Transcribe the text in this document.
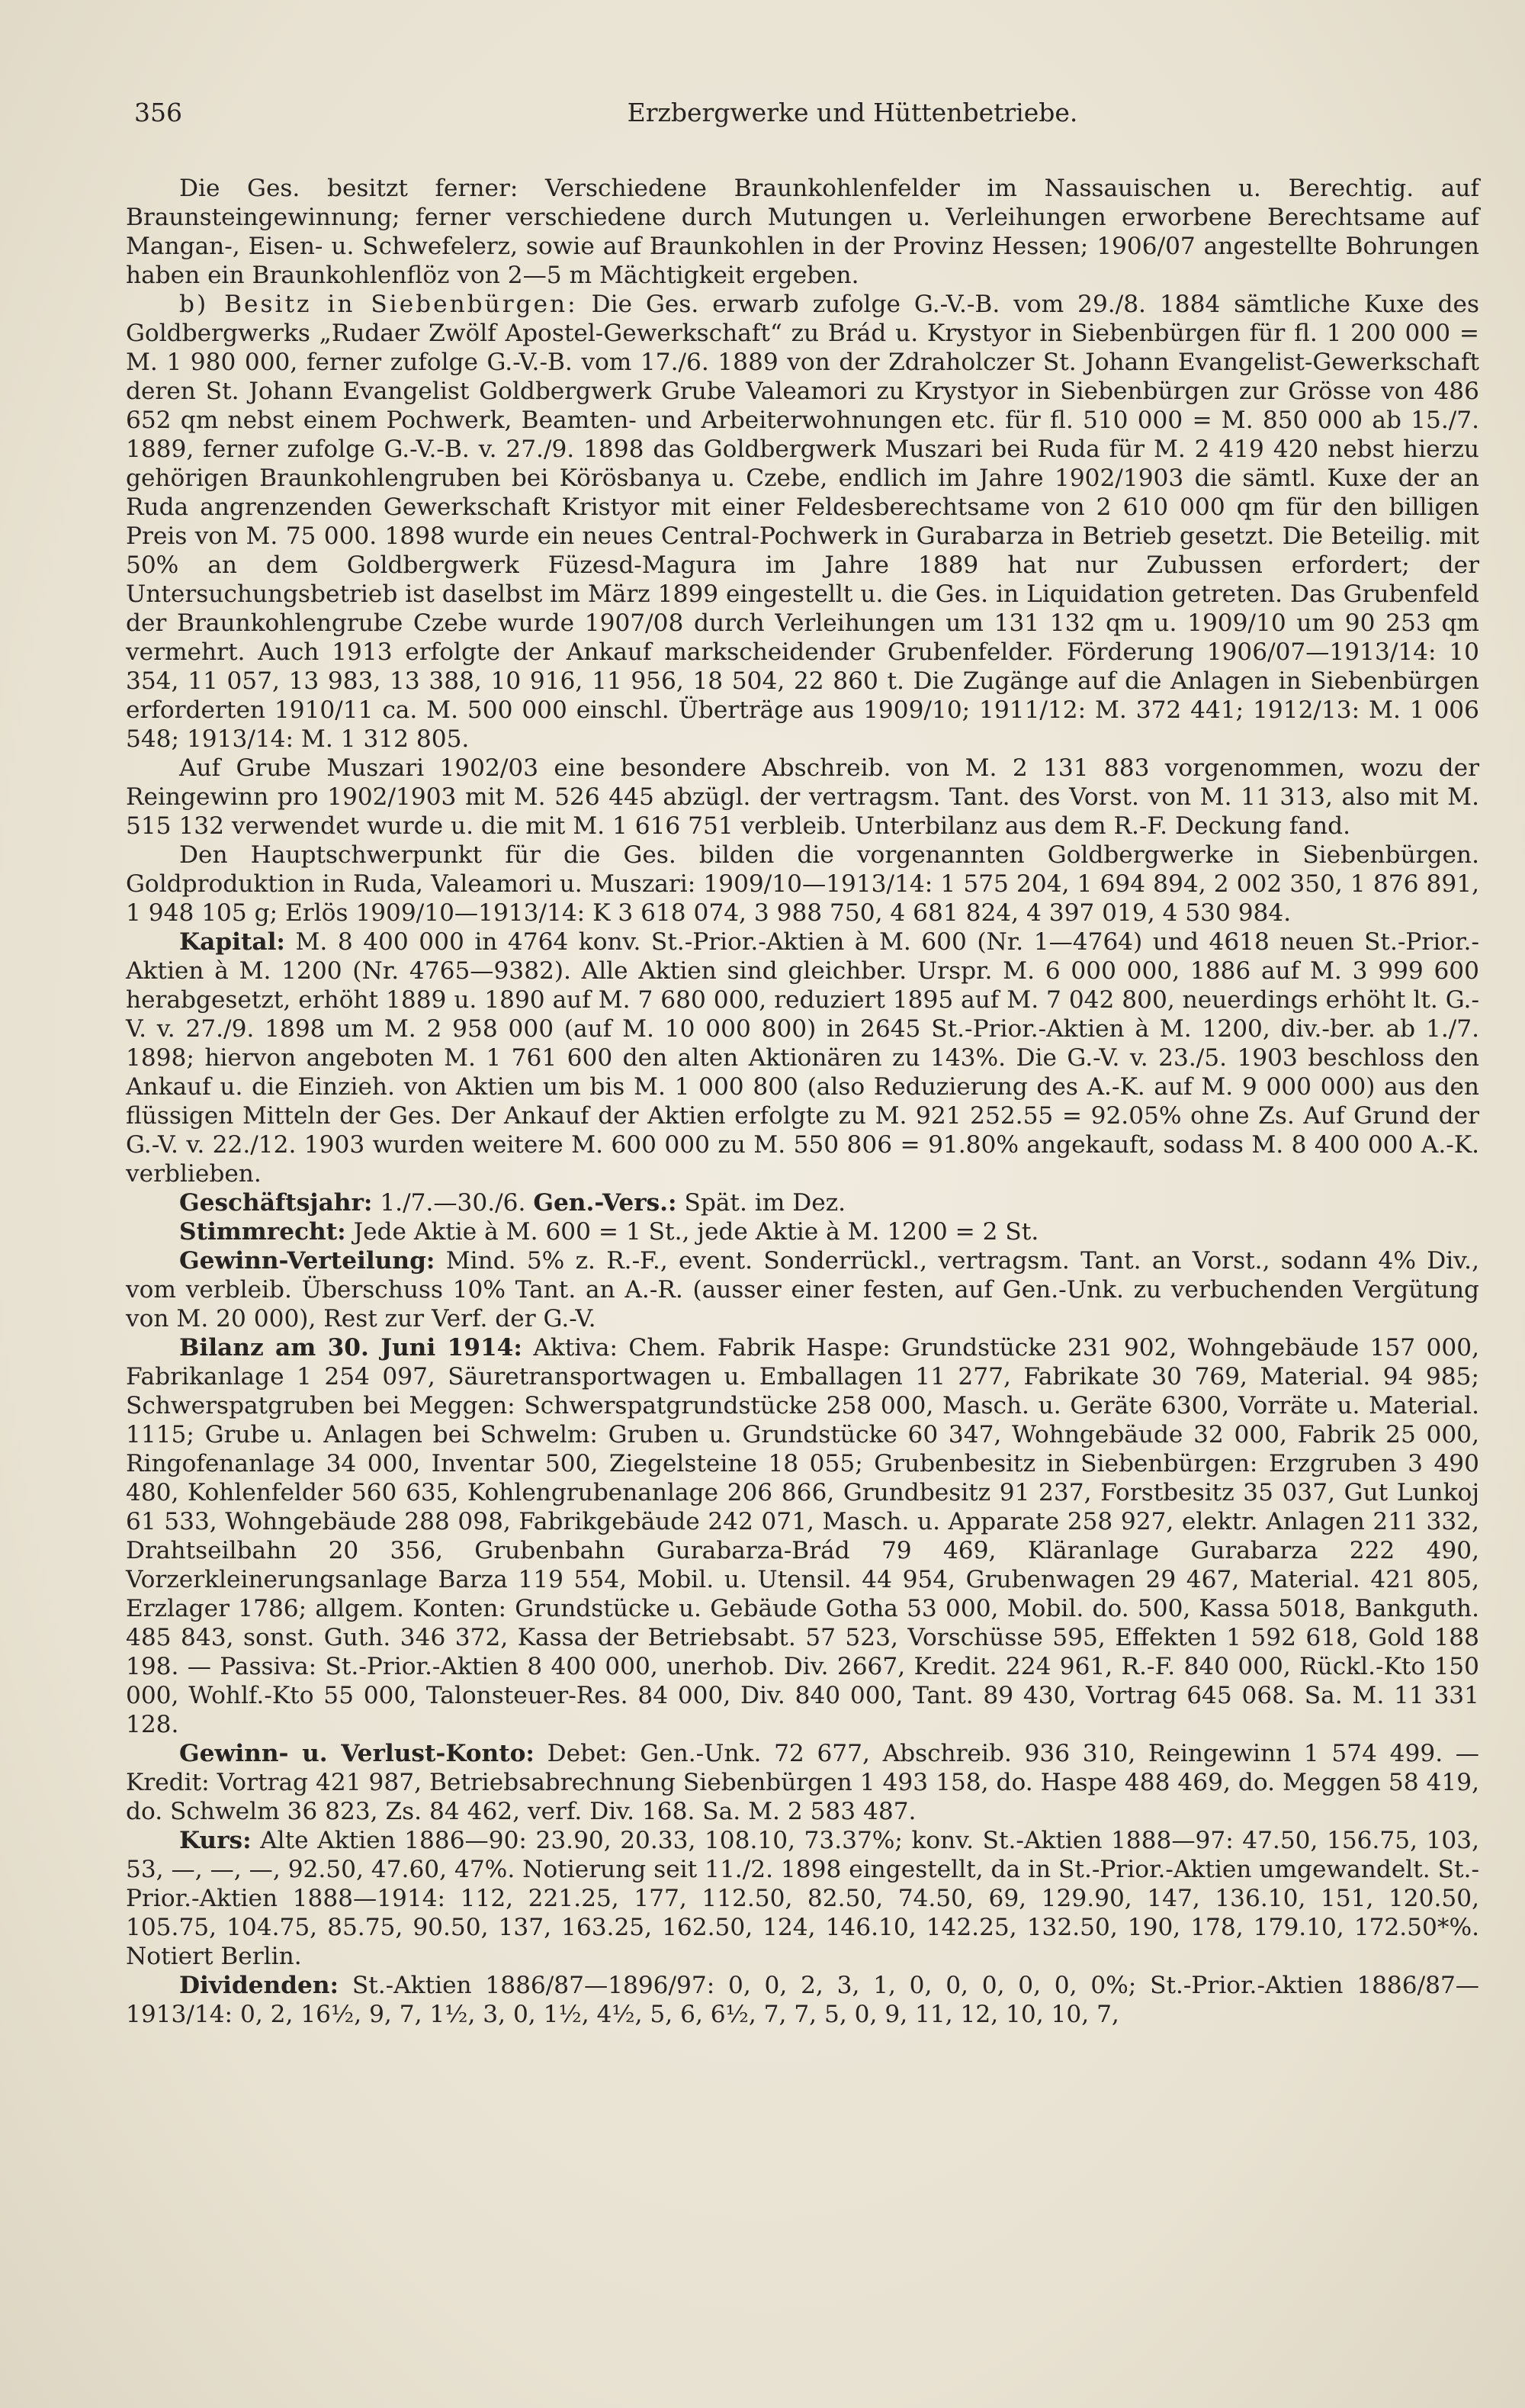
356	Erzbergwerke und Hüttenbetriebe.

Die Ges. besitzt ferner: Verschiedene Braunkohlenfelder im Nassauischen u. Berechtig. auf Braunsteingewinnung; ferner verschiedene durch Mutungen u. Verleihungen erworbene Berechtsame auf Mangan-, Eisen- u. Schwefelerz, sowie auf Braunkohlen in der Provinz Hessen; 1906/07 angestellte Bohrungen haben ein Braunkohlenflöz von 2—5 m Mächtigkeit ergeben.

b) Besitz in Siebenbürgen: Die Ges. erwarb zufolge G.-V.-B. vom 29./8. 1884 sämtliche Kuxe des Goldbergwerks „Rudaer Zwölf Apostel-Gewerkschaft“ zu Brád u. Krystyor in Siebenbürgen für fl. 1 200 000 = M. 1 980 000, ferner zufolge G.-V.-B. vom 17./6. 1889 von der Zdraholczer St. Johann Evangelist-Gewerkschaft deren St. Johann Evangelist Goldbergwerk Grube Valeamori zu Krystyor in Siebenbürgen zur Grösse von 486 652 qm nebst einem Pochwerk, Beamten- und Arbeiterwohnungen etc. für fl. 510 000 = M. 850 000 ab 15./7. 1889, ferner zufolge G.-V.-B. v. 27./9. 1898 das Goldbergwerk Muszari bei Ruda für M. 2 419 420 nebst hierzu gehörigen Braunkohlengruben bei Körösbanya u. Czebe, endlich im Jahre 1902/1903 die sämtl. Kuxe der an Ruda angrenzenden Gewerkschaft Kristyor mit einer Feldesberechtsame von 2 610 000 qm für den billigen Preis von M. 75 000. 1898 wurde ein neues Central-Pochwerk in Gurabarza in Betrieb gesetzt. Die Beteilig. mit 50% an dem Goldbergwerk Füzesd-Magura im Jahre 1889 hat nur Zubussen erfordert; der Untersuchungsbetrieb ist daselbst im März 1899 eingestellt u. die Ges. in Liquidation getreten. Das Grubenfeld der Braunkohlengrube Czebe wurde 1907/08 durch Verleihungen um 131 132 qm u. 1909/10 um 90 253 qm vermehrt. Auch 1913 erfolgte der Ankauf markscheidender Grubenfelder. Förderung 1906/07—1913/14: 10 354, 11 057, 13 983, 13 388, 10 916, 11 956, 18 504, 22 860 t. Die Zugänge auf die Anlagen in Siebenbürgen erforderten 1910/11 ca. M. 500 000 einschl. Überträge aus 1909/10; 1911/12: M. 372 441; 1912/13: M. 1 006 548; 1913/14: M. 1 312 805.

Auf Grube Muszari 1902/03 eine besondere Abschreib. von M. 2 131 883 vorgenommen, wozu der Reingewinn pro 1902/1903 mit M. 526 445 abzügl. der vertragsm. Tant. des Vorst. von M. 11 313, also mit M. 515 132 verwendet wurde u. die mit M. 1 616 751 verbleib. Unterbilanz aus dem R.-F. Deckung fand.

Den Hauptschwerpunkt für die Ges. bilden die vorgenannten Goldbergwerke in Siebenbürgen. Goldproduktion in Ruda, Valeamori u. Muszari: 1909/10—1913/14: 1 575 204, 1 694 894, 2 002 350, 1 876 891, 1 948 105 g; Erlös 1909/10—1913/14: K 3 618 074, 3 988 750, 4 681 824, 4 397 019, 4 530 984.

Kapital: M. 8 400 000 in 4764 konv. St.-Prior.-Aktien à M. 600 (Nr. 1—4764) und 4618 neuen St.-Prior.-Aktien à M. 1200 (Nr. 4765—9382). Alle Aktien sind gleichber. Urspr. M. 6 000 000, 1886 auf M. 3 999 600 herabgesetzt, erhöht 1889 u. 1890 auf M. 7 680 000, reduziert 1895 auf M. 7 042 800, neuerdings erhöht lt. G.-V. v. 27./9. 1898 um M. 2 958 000 (auf M. 10 000 800) in 2645 St.-Prior.-Aktien à M. 1200, div.-ber. ab 1./7. 1898; hiervon angeboten M. 1 761 600 den alten Aktionären zu 143%. Die G.-V. v. 23./5. 1903 beschloss den Ankauf u. die Einzieh. von Aktien um bis M. 1 000 800 (also Reduzierung des A.-K. auf M. 9 000 000) aus den flüssigen Mitteln der Ges. Der Ankauf der Aktien erfolgte zu M. 921 252.55 = 92.05% ohne Zs. Auf Grund der G.-V. v. 22./12. 1903 wurden weitere M. 600 000 zu M. 550 806 = 91.80% angekauft, sodass M. 8 400 000 A.-K. verblieben.

Geschäftsjahr: 1./7.—30./6. Gen.-Vers.: Spät. im Dez.

Stimmrecht: Jede Aktie à M. 600 = 1 St., jede Aktie à M. 1200 = 2 St.

Gewinn-Verteilung: Mind. 5% z. R.-F., event. Sonderrückl., vertragsm. Tant. an Vorst., sodann 4% Div., vom verbleib. Überschuss 10% Tant. an A.-R. (ausser einer festen, auf Gen.-Unk. zu verbuchenden Vergütung von M. 20 000), Rest zur Verf. der G.-V.

Bilanz am 30. Juni 1914: Aktiva: Chem. Fabrik Haspe: Grundstücke 231 902, Wohngebäude 157 000, Fabrikanlage 1 254 097, Säuretransportwagen u. Emballagen 11 277, Fabrikate 30 769, Material. 94 985; Schwerspatgruben bei Meggen: Schwerspatgrundstücke 258 000, Masch. u. Geräte 6300, Vorräte u. Material. 1115; Grube u. Anlagen bei Schwelm: Gruben u. Grundstücke 60 347, Wohngebäude 32 000, Fabrik 25 000, Ringofenanlage 34 000, Inventar 500, Ziegelsteine 18 055; Grubenbesitz in Siebenbürgen: Erzgruben 3 490 480, Kohlenfelder 560 635, Kohlengrubenanlage 206 866, Grundbesitz 91 237, Forstbesitz 35 037, Gut Lunkoj 61 533, Wohngebäude 288 098, Fabrikgebäude 242 071, Masch. u. Apparate 258 927, elektr. Anlagen 211 332, Drahtseilbahn 20 356, Grubenbahn Gurabarza-Brád 79 469, Kläranlage Gurabarza 222 490, Vorzerkleinerungsanlage Barza 119 554, Mobil. u. Utensil. 44 954, Grubenwagen 29 467, Material. 421 805, Erzlager 1786; allgem. Konten: Grundstücke u. Gebäude Gotha 53 000, Mobil. do. 500, Kassa 5018, Bankguth. 485 843, sonst. Guth. 346 372, Kassa der Betriebsabt. 57 523, Vorschüsse 595, Effekten 1 592 618, Gold 188 198. — Passiva: St.-Prior.-Aktien 8 400 000, unerhob. Div. 2667, Kredit. 224 961, R.-F. 840 000, Rückl.-Kto 150 000, Wohlf.-Kto 55 000, Talonsteuer-Res. 84 000, Div. 840 000, Tant. 89 430, Vortrag 645 068. Sa. M. 11 331 128.

Gewinn- u. Verlust-Konto: Debet: Gen.-Unk. 72 677, Abschreib. 936 310, Reingewinn 1 574 499. — Kredit: Vortrag 421 987, Betriebsabrechnung Siebenbürgen 1 493 158, do. Haspe 488 469, do. Meggen 58 419, do. Schwelm 36 823, Zs. 84 462, verf. Div. 168. Sa. M. 2 583 487.

Kurs: Alte Aktien 1886—90: 23.90, 20.33, 108.10, 73.37%; konv. St.-Aktien 1888—97: 47.50, 156.75, 103, 53, —, —, —, 92.50, 47.60, 47%. Notierung seit 11./2. 1898 eingestellt, da in St.-Prior.-Aktien umgewandelt. St.-Prior.-Aktien 1888—1914: 112, 221.25, 177, 112.50, 82.50, 74.50, 69, 129.90, 147, 136.10, 151, 120.50, 105.75, 104.75, 85.75, 90.50, 137, 163.25, 162.50, 124, 146.10, 142.25, 132.50, 190, 178, 179.10, 172.50*%. Notiert Berlin.

Dividenden: St.-Aktien 1886/87—1896/97: 0, 0, 2, 3, 1, 0, 0, 0, 0, 0, 0%; St.-Prior.-Aktien 1886/87—1913/14: 0, 2, 16½, 9, 7, 1½, 3, 0, 1½, 4½, 5, 6, 6½, 7, 7, 5, 0, 9, 11, 12, 10, 10, 7,
